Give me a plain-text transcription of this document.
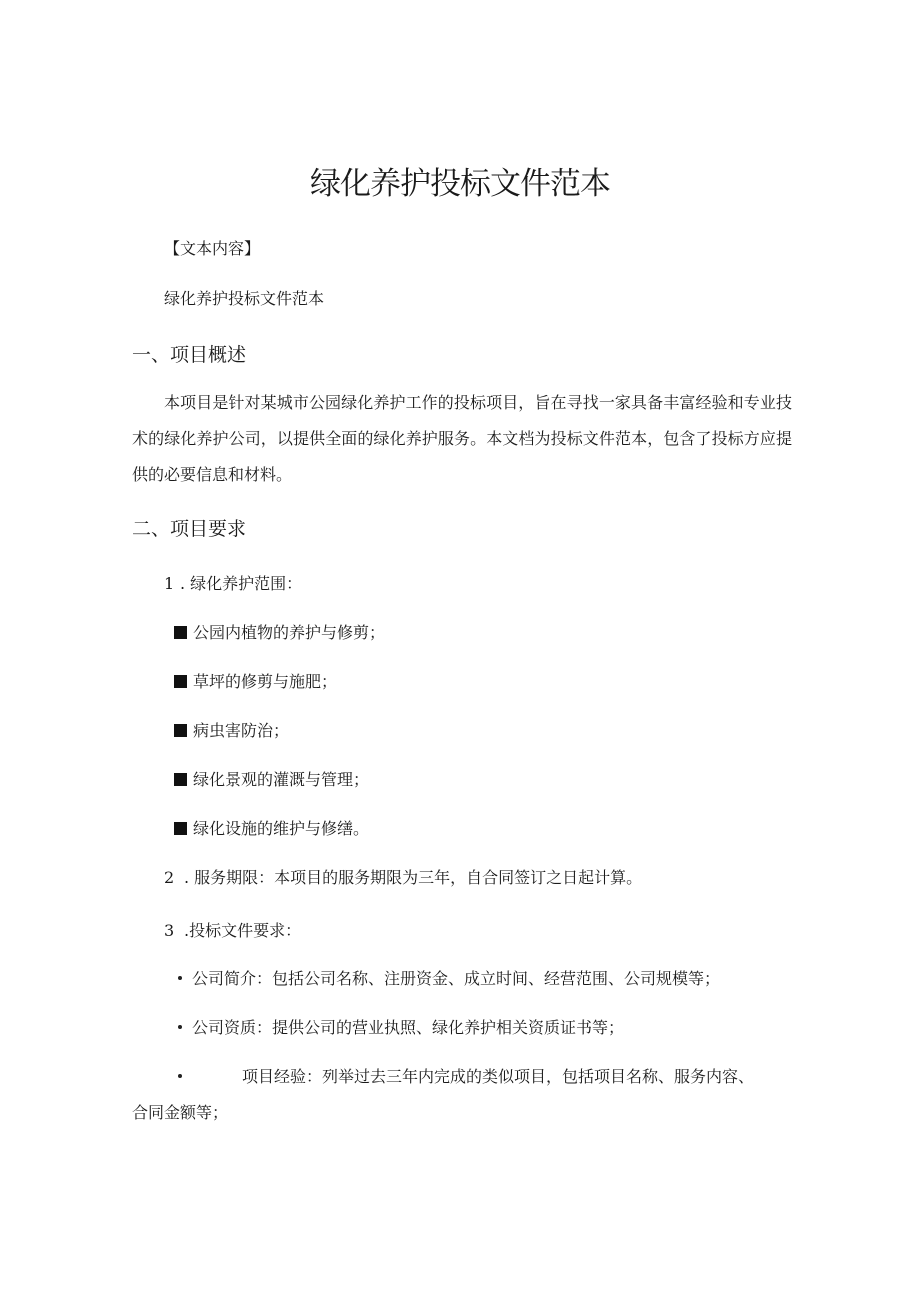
绿化养护投标文件范本
【文本内容】
绿化养护投标文件范本
一、项目概述
本项目是针对某城市公园绿化养护工作的投标项目，旨在寻找一家具备丰富经验和专业技术的绿化养护公司，以提供全面的绿化养护服务。本文档为投标文件范本，包含了投标方应提供的必要信息和材料。
二、项目要求
1 . 绿化养护范围：
公园内植物的养护与修剪；
草坪的修剪与施肥；
病虫害防治；
绿化景观的灌溉与管理；
绿化设施的维护与修缮。
2 . 服务期限：本项目的服务期限为三年，自合同签订之日起计算。
3 .投标文件要求：
公司简介：包括公司名称、注册资金、成立时间、经营范围、公司规模等；
公司资质：提供公司的营业执照、绿化养护相关资质证书等；
项目经验：列举过去三年内完成的类似项目，包括项目名称、服务内容、
合同金额等；
